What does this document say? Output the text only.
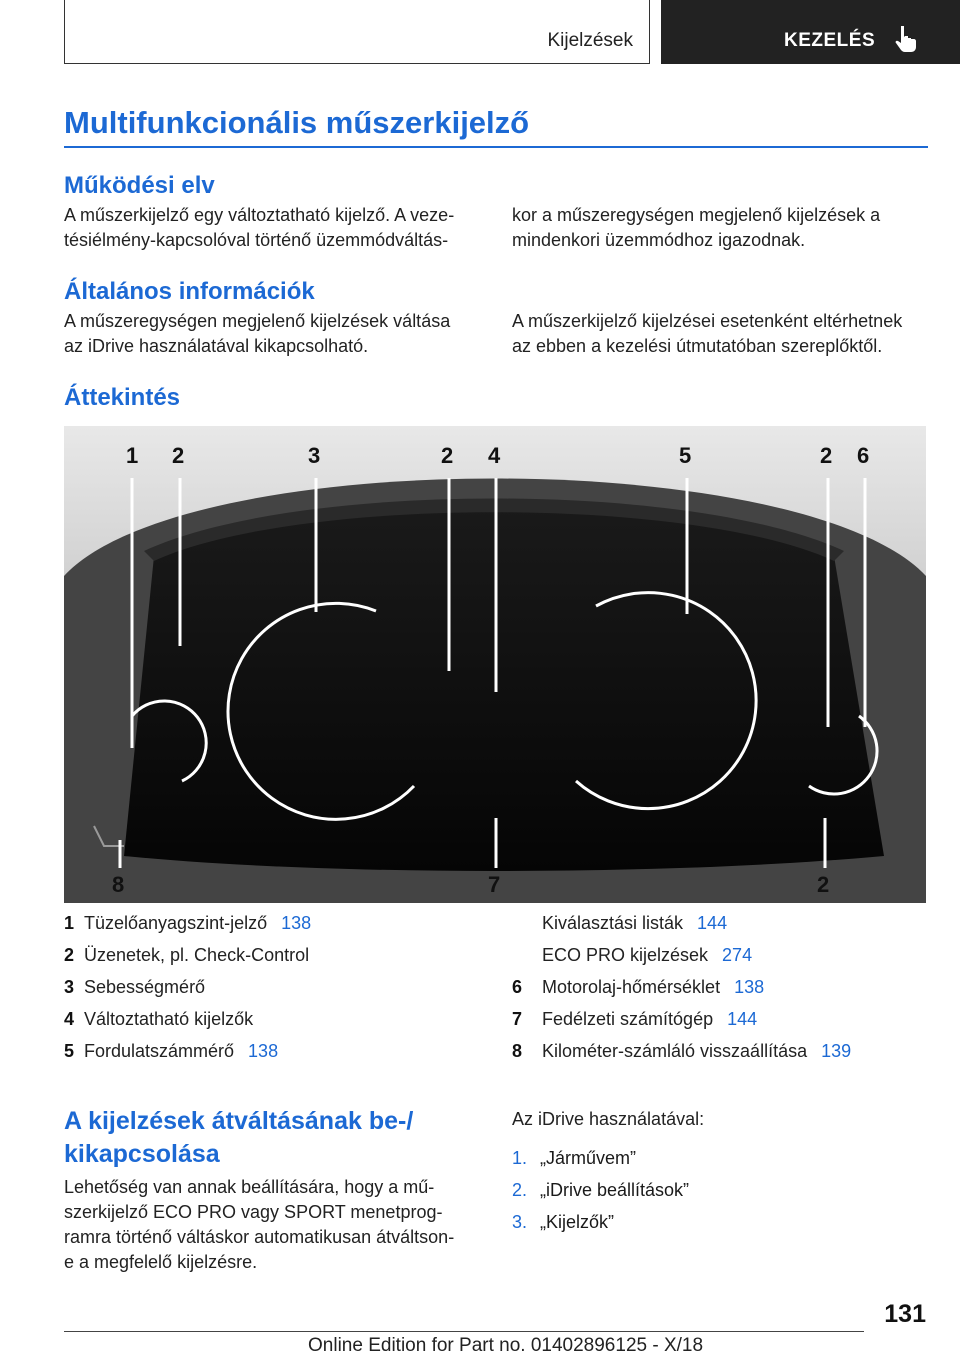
Kijelzések	KEZELÉS
Multifunkcionális műszerkijelző
Működési elv
A műszerkijelző egy változtatható kijelző. A veze-
tésiélmény-kapcsolóval történő üzemmódváltás-
kor a műszeregységen megjelenő kijelzések a
mindenkori üzemmódhoz igazodnak.
Általános információk
A műszeregységen megjelenő kijelzések váltása
az iDrive használatával kikapcsolható.
A műszerkijelző kijelzései esetenként eltérhetnek
az ebben a kezelési útmutatóban szereplőktől.
Áttekintés
1 2	3	2 4	5	2 6
8	7	2
1 Tüzelőanyagszint-jelző 138
2 Üzenetek, pl. Check-Control
3 Sebességmérő
4 Változtatható kijelzők
5 Fordulatszámmérő 138
Kiválasztási listák 144
ECO PRO kijelzések 274
6	Motorolaj-hőmérséklet 138
7	Fedélzeti számítógép 144
8	Kilométer-számláló visszaállítása 139
A kijelzések átváltásának be-/
kikapcsolása
Lehetőség van annak beállítására, hogy a mű-
szerkijelző ECO PRO vagy SPORT menetprog-
ramra történő váltáskor automatikusan átváltson-
e a megfelelő kijelzésre.
Az iDrive használatával:
1. „Járművem”
2. „iDrive beállítások”
3. „Kijelzők”
131
Online Edition for Part no. 01402896125 - X/18
